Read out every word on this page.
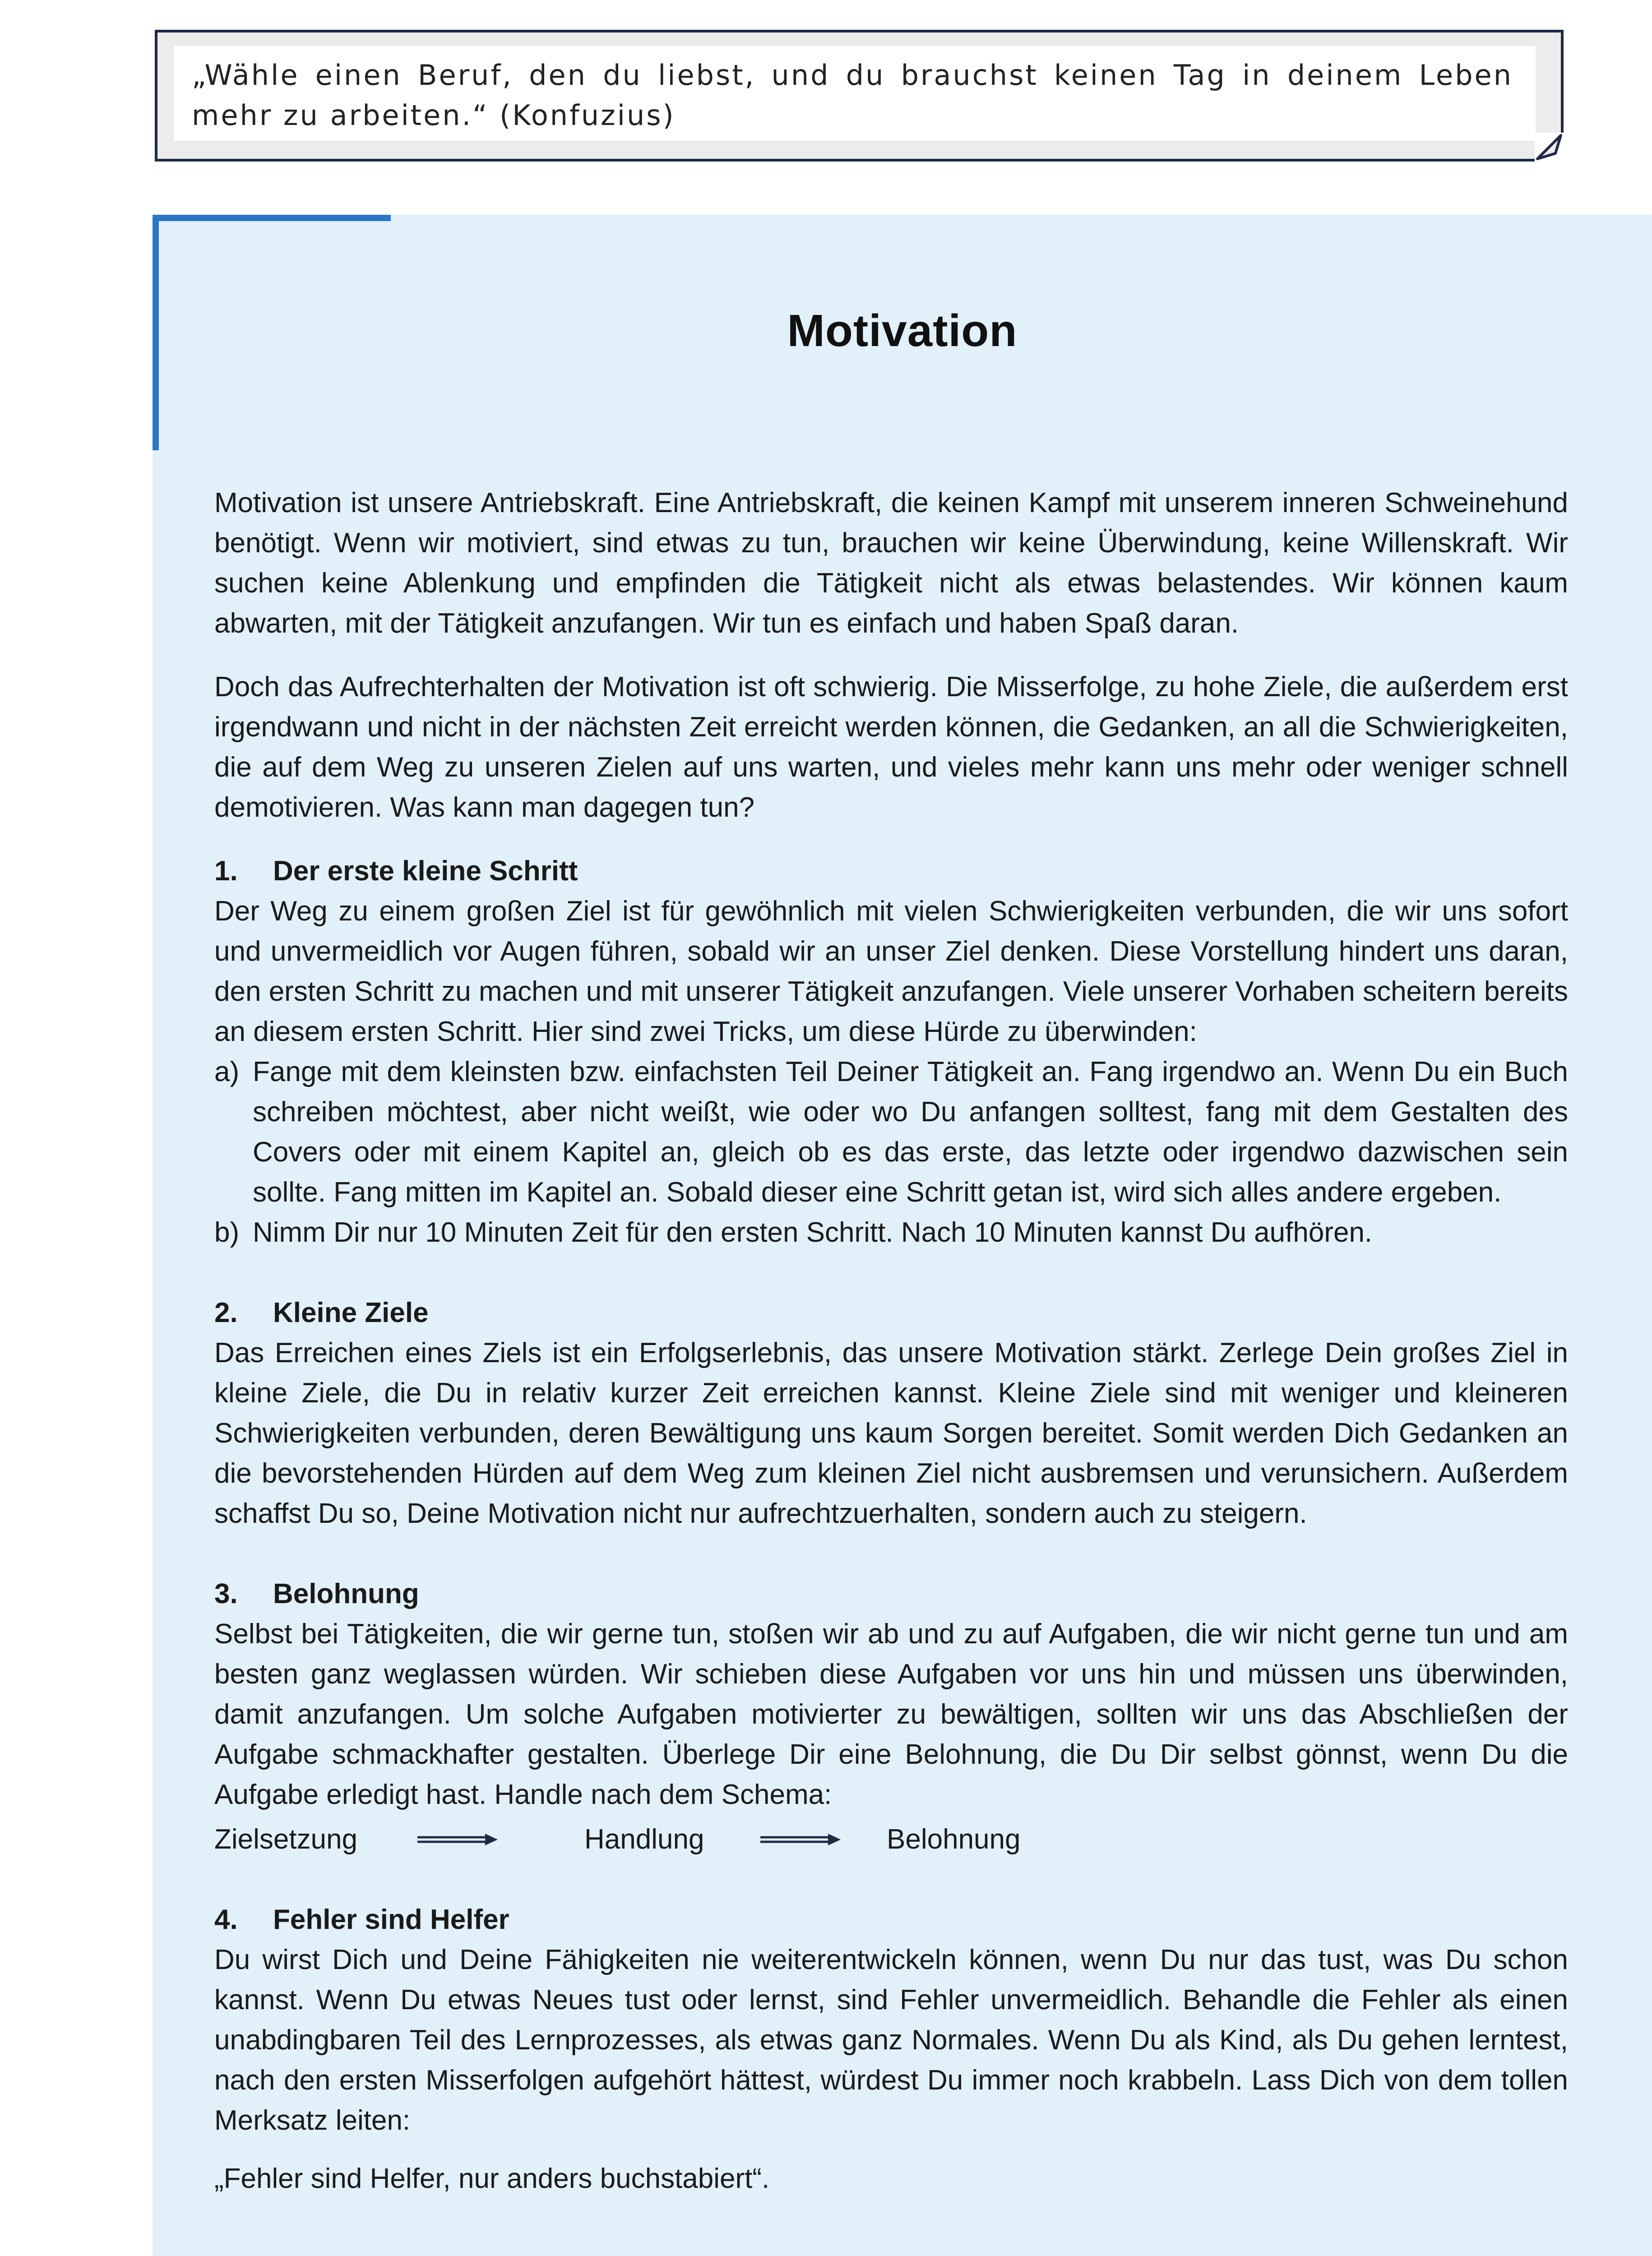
„Wähle einen Beruf, den du liebst, und du brauchst keinen Tag in deinem Leben mehr zu arbeiten.“ (Konfuzius)
Motivation

Motivation ist unsere Antriebskraft. Eine Antriebskraft, die keinen Kampf mit unserem inneren Schweinehund benötigt. Wenn wir motiviert, sind etwas zu tun, brauchen wir keine Überwindung, keine Willenskraft. Wir suchen keine Ablenkung und empfinden die Tätigkeit nicht als etwas belastendes. Wir können kaum abwarten, mit der Tätigkeit anzufangen. Wir tun es einfach und haben Spaß daran.

Doch das Aufrechterhalten der Motivation ist oft schwierig. Die Misserfolge, zu hohe Ziele, die außerdem erst irgendwann und nicht in der nächsten Zeit erreicht werden können, die Gedanken, an all die Schwierigkeiten, die auf dem Weg zu unseren Zielen auf uns warten, und vieles mehr kann uns mehr oder weniger schnell demotivieren. Was kann man dagegen tun?

1.	Der erste kleine Schritt
Der Weg zu einem großen Ziel ist für gewöhnlich mit vielen Schwierigkeiten verbunden, die wir uns sofort und unvermeidlich vor Augen führen, sobald wir an unser Ziel denken. Diese Vorstellung hindert uns daran, den ersten Schritt zu machen und mit unserer Tätigkeit anzufangen. Viele unserer Vorhaben scheitern bereits an diesem ersten Schritt. Hier sind zwei Tricks, um diese Hürde zu überwinden:
a) Fange mit dem kleinsten bzw. einfachsten Teil Deiner Tätigkeit an. Fang irgendwo an. Wenn Du ein Buch schreiben möchtest, aber nicht weißt, wie oder wo Du anfangen solltest, fang mit dem Gestalten des Covers oder mit einem Kapitel an, gleich ob es das erste, das letzte oder irgendwo dazwischen sein sollte. Fang mitten im Kapitel an. Sobald dieser eine Schritt getan ist, wird sich alles andere ergeben.
b) Nimm Dir nur 10 Minuten Zeit für den ersten Schritt. Nach 10 Minuten kannst Du aufhören.
2.	Kleine Ziele
Das Erreichen eines Ziels ist ein Erfolgserlebnis, das unsere Motivation stärkt. Zerlege Dein großes Ziel in kleine Ziele, die Du in relativ kurzer Zeit erreichen kannst. Kleine Ziele sind mit weniger und kleineren Schwierigkeiten verbunden, deren Bewältigung uns kaum Sorgen bereitet. Somit werden Dich Gedanken an die bevorstehenden Hürden auf dem Weg zum kleinen Ziel nicht ausbremsen und verunsichern. Außerdem schaffst Du so, Deine Motivation nicht nur aufrechtzuerhalten, sondern auch zu steigern.
3.	Belohnung
Selbst bei Tätigkeiten, die wir gerne tun, stoßen wir ab und zu auf Aufgaben, die wir nicht gerne tun und am besten ganz weglassen würden. Wir schieben diese Aufgaben vor uns hin und müssen uns überwinden, damit anzufangen. Um solche Aufgaben motivierter zu bewältigen, sollten wir uns das Abschließen der Aufgabe schmackhafter gestalten. Überlege Dir eine Belohnung, die Du Dir selbst gönnst, wenn Du die Aufgabe erledigt hast. Handle nach dem Schema:
Zielsetzung	Handlung	Belohnung
4.	Fehler sind Helfer
Du wirst Dich und Deine Fähigkeiten nie weiterentwickeln können, wenn Du nur das tust, was Du schon kannst. Wenn Du etwas Neues tust oder lernst, sind Fehler unvermeidlich. Behandle die Fehler als einen unabdingbaren Teil des Lernprozesses, als etwas ganz Normales. Wenn Du als Kind, als Du gehen lerntest, nach den ersten Misserfolgen aufgehört hättest, würdest Du immer noch krabbeln. Lass Dich von dem tollen Merksatz leiten:
„Fehler sind Helfer, nur anders buchstabiert“.
